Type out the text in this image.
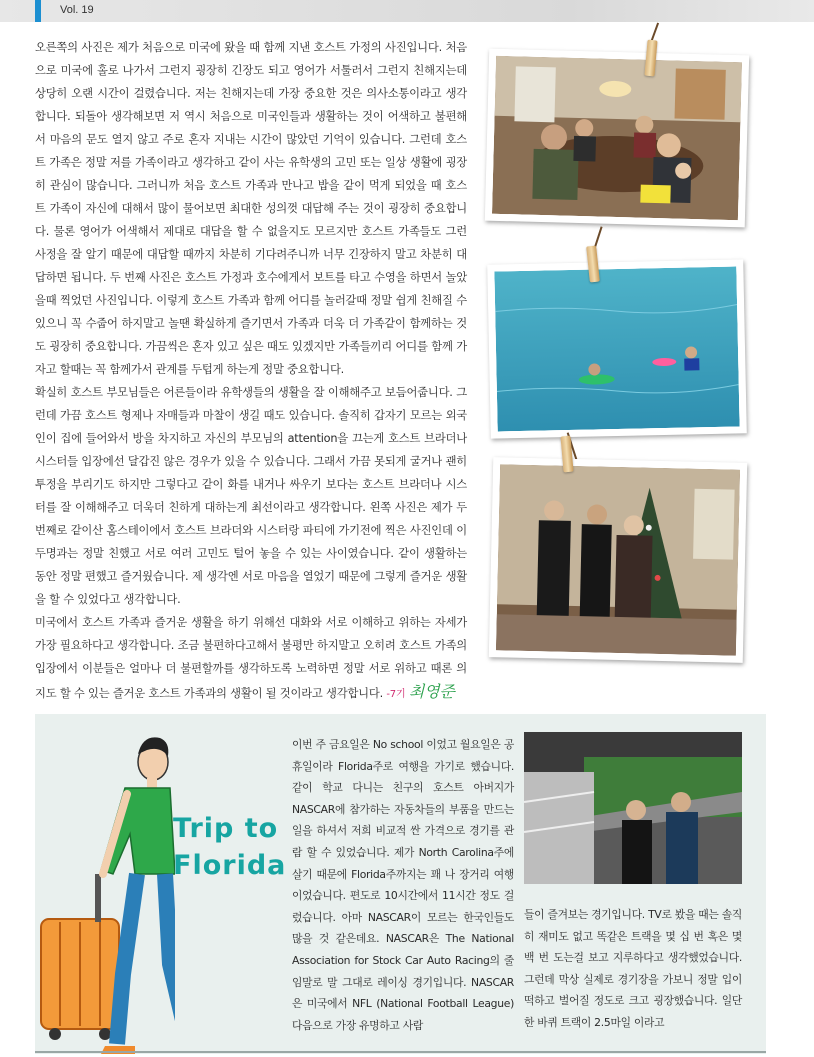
Vol. 19

오른쪽의 사진은 제가 처음으로 미국에 왔을 때 함께 지낸 호스트 가정의 사진입니다. 처음으로 미국에 홀로 나가서 그런지 굉장히 긴장도 되고 영어가 서툴러서 그런지 친해지는데 상당히 오랜 시간이 걸렸습니다. 저는 친해지는데 가장 중요한 것은 의사소통이라고 생각합니다. 되돌아 생각해보면 저 역시 처음으로 미국인들과 생활하는 것이 어색하고 불편해서 마음의 문도 열지 않고 주로 혼자 지내는 시간이 많았던 기억이 있습니다. 그런데 호스트 가족은 정말 저를 가족이라고 생각하고 같이 사는 유학생의 고민 또는 일상 생활에 굉장히 관심이 많습니다. 그러니까 처음 호스트 가족과 만나고 밥을 같이 먹게 되었을 때 호스트 가족이 자신에 대해서 많이 물어보면 최대한 성의껏 대답해 주는 것이 굉장히 중요합니다. 물론 영어가 어색해서 제대로 대답을 할 수 없을지도 모르지만 호스트 가족들도 그런 사정을 잘 알기 때문에 대답할 때까지 차분히 기다려주니까 너무 긴장하지 말고 차분히 대답하면 됩니다. 두 번째 사진은 호스트 가정과 호수에게서 보트를 타고 수영을 하면서 놀았을때 찍었던 사진입니다. 이렇게 호스트 가족과 함께 어디를 놀러갈때 정말 쉽게 친해질 수 있으니 꼭 수줍어 하지말고 놀땐 확실하게 즐기면서 가족과 더욱 더 가족같이 함께하는 것도 굉장히 중요합니다. 가끔씩은 혼자 있고 싶은 때도 있겠지만 가족들끼리 어디를 함께 가자고 할때는 꼭 함께가서 관계를 두텁게 하는게 정말 중요합니다.

확실히 호스트 부모님들은 어른들이라 유학생들의 생활을 잘 이해해주고 보듬어줍니다. 그런데 가끔 호스트 형제나 자매들과 마찰이 생길 때도 있습니다. 솔직히 갑자기 모르는 외국인이 집에 들어와서 방을 차지하고 자신의 부모님의 attention을 끄는게 호스트 브라더나 시스터들 입장에선 달갑진 않은 경우가 있을 수 있습니다. 그래서 가끔 못되게 굴거나 괜히 투정을 부리기도 하지만 그렇다고 같이 화를 내거나 싸우기 보다는 호스트 브라더나 시스터를 잘 이해해주고 더욱더 친하게 대하는게 최선이라고 생각합니다. 왼쪽 사진은 제가 두번째로 같이산 홈스테이에서 호스트 브라더와 시스터랑 파티에 가기전에 찍은 사진인데 이 두명과는 정말 친했고 서로 여러 고민도 털어 놓을 수 있는 사이였습니다. 같이 생활하는 동안 정말 편했고 즐거웠습니다. 제 생각엔 서로 마음을 열었기 때문에 그렇게 즐거운 생활을 할 수 있었다고 생각합니다.

미국에서 호스트 가족과 즐거운 생활을 하기 위해선 대화와 서로 이해하고 위하는 자세가 가장 필요하다고 생각합니다. 조금 불편하다고해서 불평만 하지말고 오히려 호스트 가족의 입장에서 이분들은 얼마나 더 불편할까를 생각하도록 노력하면 정말 서로 위하고 때론 의지도 할 수 있는 즐거운 호스트 가족과의 생활이 될 것이라고 생각합니다. -7기 최영준

Trip to
Florida
이번 주 금요일은 No school 이었고 월요일은 공휴일이라 Florida주로 여행을 가기로 했습니다. 같이 학교 다니는 친구의 호스트 아버지가 NASCAR에 참가하는 자동차들의 부품을 만드는 일을 하셔서 저희 비교적 싼 가격으로 경기를 관람 할 수 있었습니다. 제가 North Carolina주에 살기 때문에 Florida주까지는 꽤 나 장거리 여행이었습니다. 편도로 10시간에서 11시간 정도 걸렸습니다. 아마 NASCAR이 모르는 한국인들도 많을 것 같은데요. NASCAR은 The National Association for Stock Car Auto Racing의 줄임말로 말 그대로 레이싱 경기입니다. NASCAR은 미국에서 NFL (National Football League) 다음으로 가장 유명하고 사람
들이 즐겨보는 경기입니다. TV로 봤을 때는 솔직히 재미도 없고 똑같은 트랙을 몇 십 번 혹은 몇 백 번 도는걸 보고 지루하다고 생각했었습니다. 그런데 막상 실제로 경기장을 가보니 정말 입이 떡하고 벌어질 정도로 크고 굉장했습니다. 일단 한 바퀴 트랙이 2.5마일 이라고
